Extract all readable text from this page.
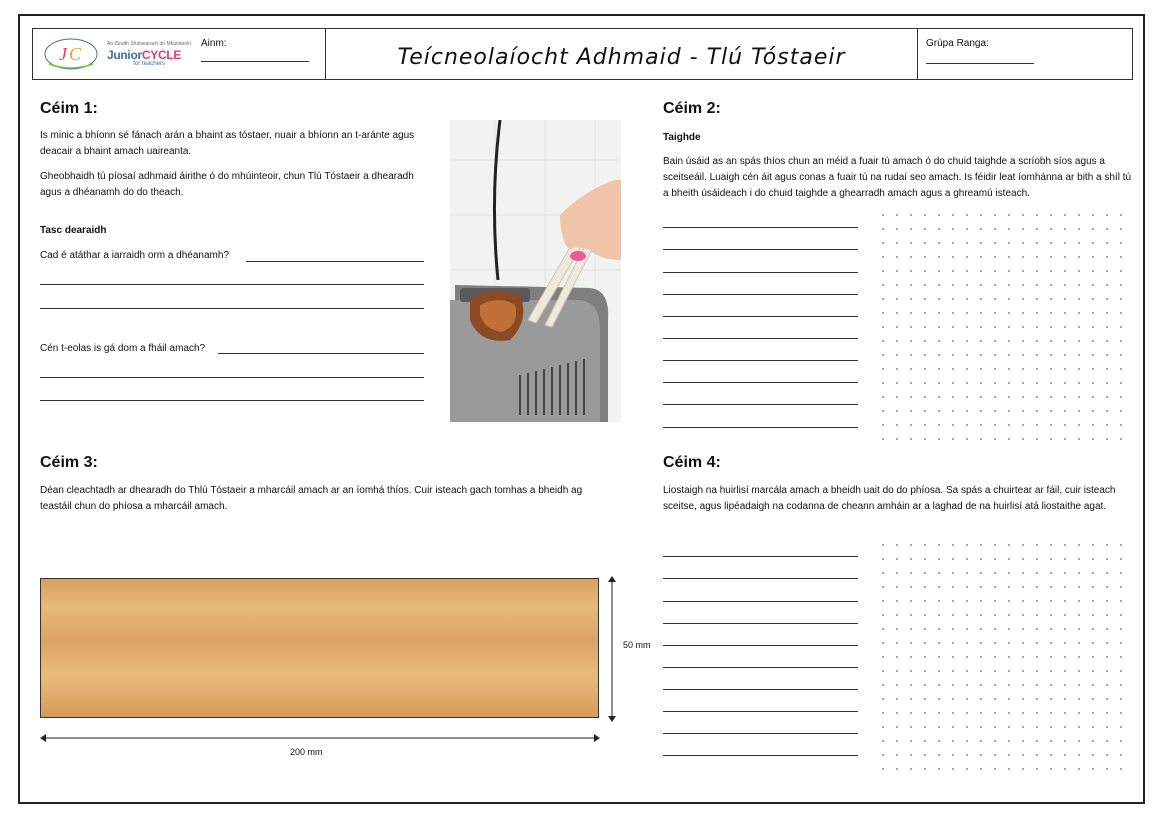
J C
An tSraith Shóisearach do Mhúinteoirí
JuniorCYCLE
for teachers
Ainm:
Teícneolaíocht Adhmaid - Tlú Tóstaeir
Grúpa Ranga:
Céim 1:
Is minic a bhíonn sé fánach arán a bhaint as tóstaer, nuair a bhíonn an t-aránte agus deacair a bhaint amach uaireanta.
Gheobhaidh tú píosaí adhmaid áirithe ó do mhúinteoir, chun Tlú Tóstaeir a dhearadh agus a dhéanamh do do theach.
Tasc dearaidh
Cad é atáthar a iarraidh orm a dhéanamh?
Cén t-eolas is gá dom a fháil amach?
Céim 2:
Taighde
Bain úsáid as an spás thíos chun an méid a fuair tú amach ó do chuid taighde a scríobh síos agus a sceitseáil. Luaigh cén áit agus conas a fuair tú na rudaí seo amach. Is féidir leat íomhánna ar bith a shíl tú a bheith úsáideach i do chuid taighde a ghearradh amach agus a ghreamú isteach.
Céim 3:
Déan cleachtadh ar dhearadh do Thlú Tóstaeir a mharcáil amach ar an íomhá thíos. Cuir isteach gach tomhas a bheidh ag teastáil chun do phíosa a mharcáil amach.
50 mm
200 mm
Céim 4:
Liostaigh na huirlisí marcála amach a bheidh uait do do phíosa. Sa spás a chuirtear ar fáil, cuir isteach sceitse, agus lipéadaigh na codanna de cheann amháin ar a laghad de na huirlisí atá liostaithe agat.
